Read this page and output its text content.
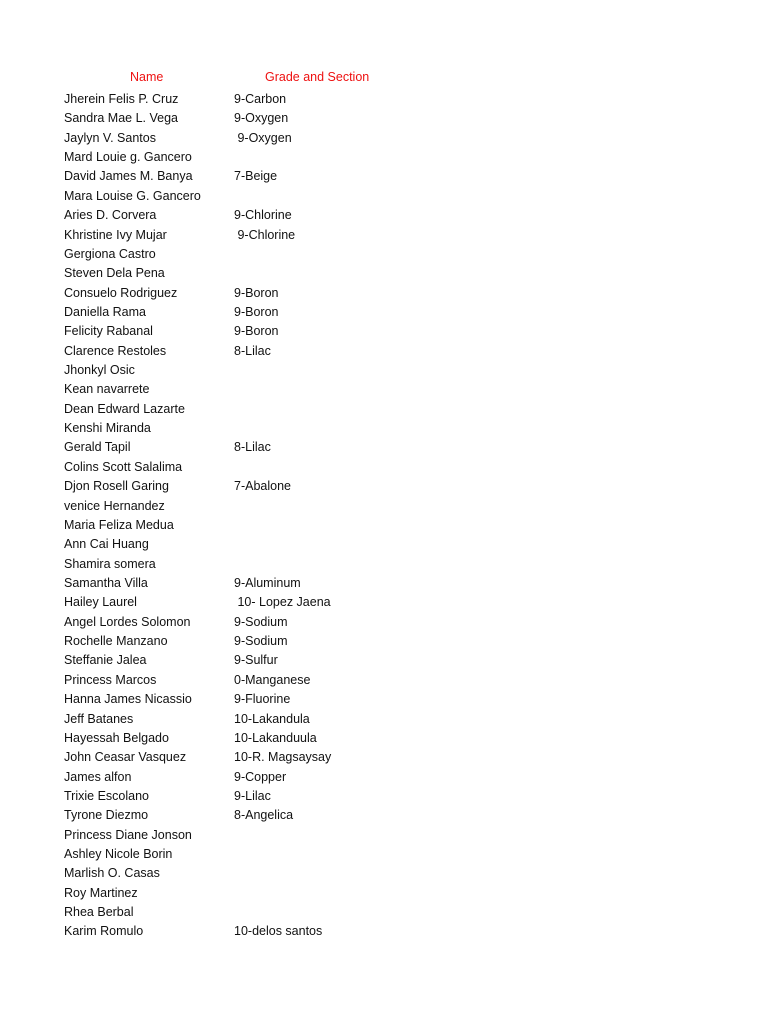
Name	Grade and Section
Jherein Felis P. Cruz	9-Carbon
Sandra Mae L. Vega	9-Oxygen
Jaylyn V. Santos	9-Oxygen
Mard Louie g. Gancero
David James M. Banya	7-Beige
Mara Louise G. Gancero
Aries D. Corvera	9-Chlorine
Khristine Ivy Mujar	9-Chlorine
Gergiona Castro
Steven Dela Pena
Consuelo Rodriguez	9-Boron
Daniella Rama	9-Boron
Felicity Rabanal	9-Boron
Clarence Restoles	8-Lilac
Jhonkyl Osic
Kean navarrete
Dean Edward Lazarte
Kenshi Miranda
Gerald Tapil	8-Lilac
Colins Scott Salalima
Djon Rosell Garing	7-Abalone
venice Hernandez
Maria Feliza Medua
Ann Cai Huang
Shamira somera
Samantha Villa	9-Aluminum
Hailey Laurel	10- Lopez Jaena
Angel Lordes Solomon	9-Sodium
Rochelle Manzano	9-Sodium
Steffanie Jalea	9-Sulfur
Princess Marcos	0-Manganese
Hanna James Nicassio	9-Fluorine
Jeff Batanes	10-Lakandula
Hayessah Belgado	10-Lakanduula
John Ceasar Vasquez	10-R. Magsaysay
James alfon	9-Copper
Trixie Escolano	9-Lilac
Tyrone Diezmo	8-Angelica
Princess Diane Jonson
Ashley Nicole Borin
Marlish O. Casas
Roy Martinez
Rhea Berbal
Karim Romulo	10-delos santos
